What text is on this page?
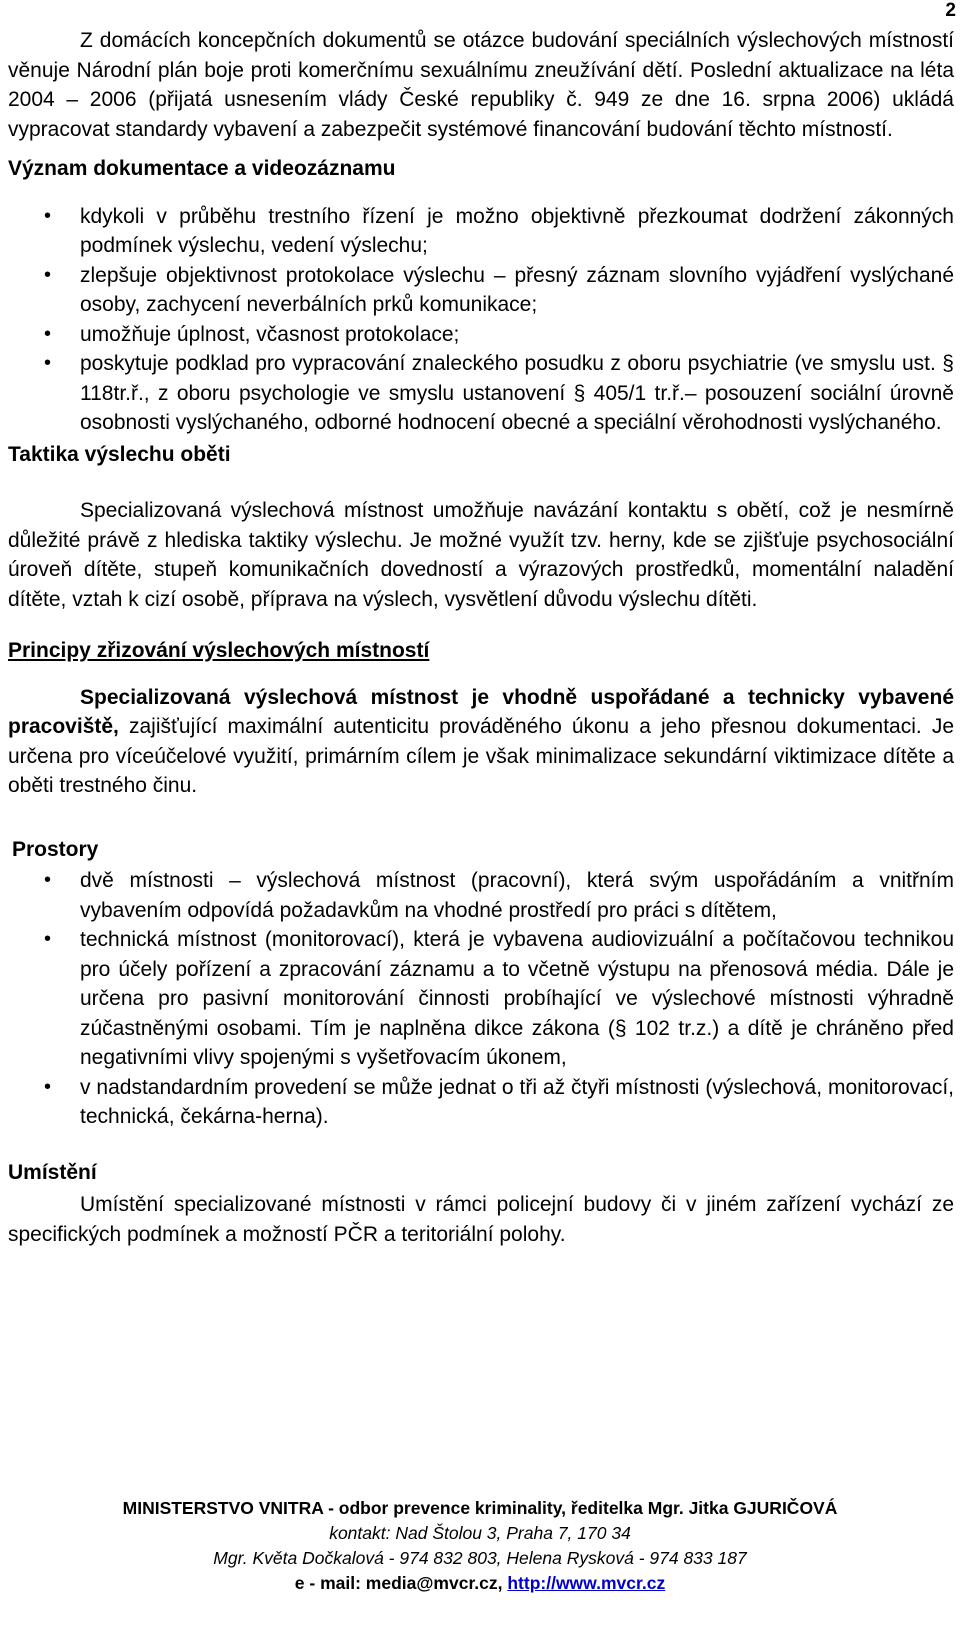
2

Z domácích koncepčních dokumentů se otázce budování speciálních výslechových místností věnuje Národní plán boje proti komerčnímu sexuálnímu zneužívání dětí. Poslední aktualizace na léta 2004 – 2006 (přijatá usnesením vlády České republiky č. 949 ze dne 16. srpna 2006) ukládá vypracovat standardy vybavení a zabezpečit systémové financování budování těchto místností.

Význam dokumentace a videozáznamu

• kdykoli v průběhu trestního řízení je možno objektivně přezkoumat dodržení zákonných podmínek výslechu, vedení výslechu;
• zlepšuje objektivnost protokolace výslechu – přesný záznam slovního vyjádření vyslýchané osoby, zachycení neverbálních prků komunikace;
• umožňuje úplnost, včasnost protokolace;
• poskytuje podklad pro vypracování znaleckého posudku z oboru psychiatrie (ve smyslu ust. § 118tr.ř., z oboru psychologie ve smyslu ustanovení § 405/1 tr.ř.– posouzení sociální úrovně osobnosti vyslýchaného, odborné hodnocení obecné a speciální věrohodnosti vyslýchaného.

Taktika výslechu oběti

Specializovaná výslechová místnost umožňuje navázání kontaktu s obětí, což je nesmírně důležité právě z hlediska taktiky výslechu. Je možné využít tzv. herny, kde se zjišťuje psychosociální úroveň dítěte, stupeň komunikačních dovedností a výrazových prostředků, momentální naladění dítěte, vztah k cizí osobě, příprava na výslech, vysvětlení důvodu výslechu dítěti.

Principy zřizování výslechových místností

Specializovaná výslechová místnost je vhodně uspořádané a technicky vybavené pracoviště, zajišťující maximální autenticitu prováděného úkonu a jeho přesnou dokumentaci. Je určena pro víceúčelové využití, primárním cílem je však minimalizace sekundární viktimizace dítěte a oběti trestného činu.

Prostory

• dvě místnosti – výslechová místnost (pracovní), která svým uspořádáním a vnitřním vybavením odpovídá požadavkům na vhodné prostředí pro práci s dítětem,
• technická místnost (monitorovací), která je vybavena audiovizuální a počítačovou technikou pro účely pořízení a zpracování záznamu a to včetně výstupu na přenosová média. Dále je určena pro pasivní monitorování činnosti probíhající ve výslechové místnosti výhradně zúčastněnými osobami. Tím je naplněna dikce zákona (§ 102 tr.z.) a dítě je chráněno před negativními vlivy spojenými s vyšetřovacím úkonem,
• v nadstandardním provedení se může jednat o tři až čtyři místnosti (výslechová, monitorovací, technická, čekárna-herna).

Umístění

Umístění specializované místnosti v rámci policejní budovy či v jiném zařízení vychází ze specifických podmínek a možností PČR a teritoriální polohy.

MINISTERSTVO VNITRA - odbor prevence kriminality, ředitelka Mgr. Jitka GJURIČOVÁ
kontakt: Nad Štolou 3, Praha 7, 170 34
Mgr. Květa Dočkalová - 974 832 803, Helena Rysková - 974 833 187
e - mail: media@mvcr.cz, http://www.mvcr.cz
